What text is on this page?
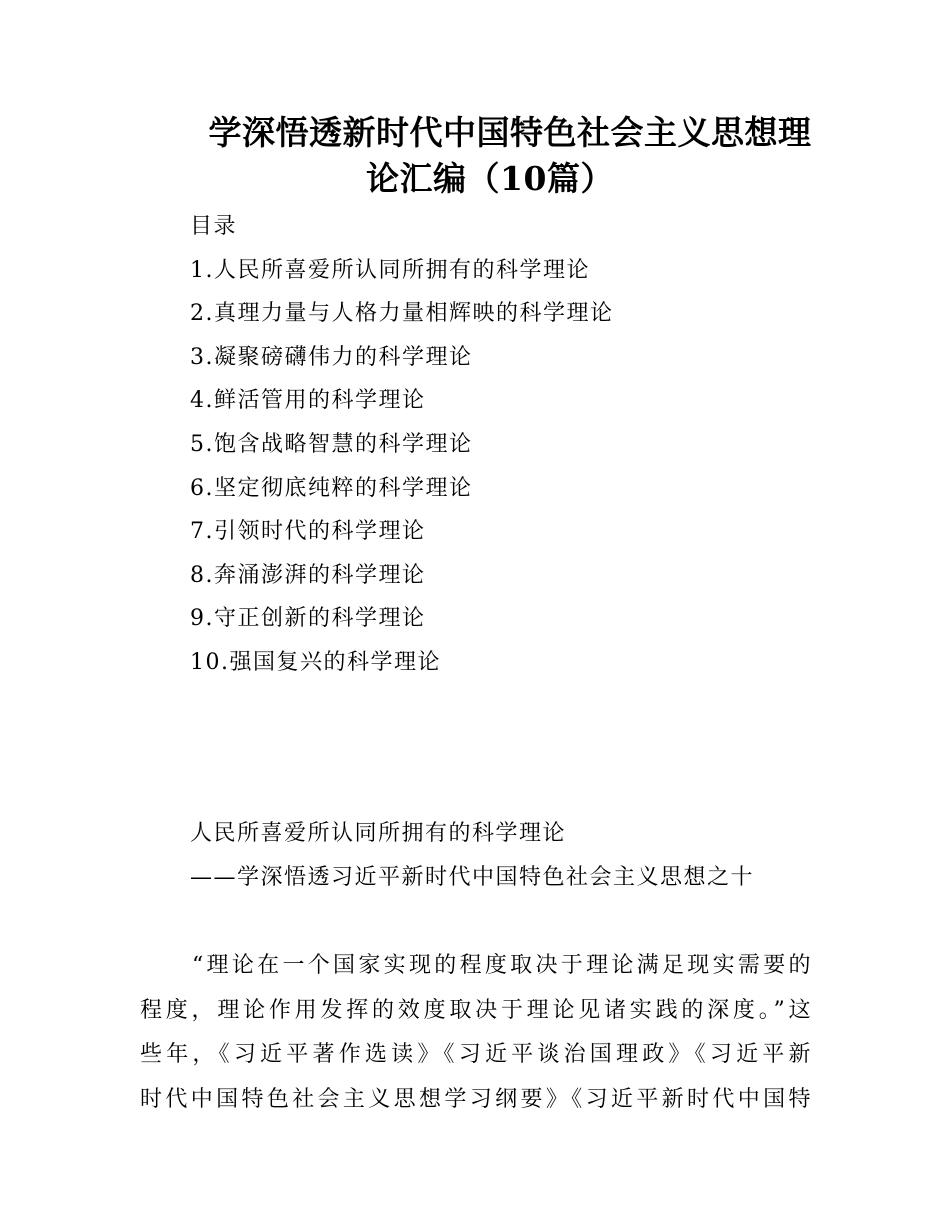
学深悟透新时代中国特色社会主义思想理
论汇编（10篇）
目录
1.人民所喜爱所认同所拥有的科学理论
2.真理力量与人格力量相辉映的科学理论
3.凝聚磅礴伟力的科学理论
4.鲜活管用的科学理论
5.饱含战略智慧的科学理论
6.坚定彻底纯粹的科学理论
7.引领时代的科学理论
8.奔涌澎湃的科学理论
9.守正创新的科学理论
10.强国复兴的科学理论
人民所喜爱所认同所拥有的科学理论
——学深悟透习近平新时代中国特色社会主义思想之十
“理论在一个国家实现的程度取决于理论满足现实需要的
程度，理论作用发挥的效度取决于理论见诸实践的深度。”这
些年，《习近平著作选读》《习近平谈治国理政》《习近平新
时代中国特色社会主义思想学习纲要》《习近平新时代中国特
